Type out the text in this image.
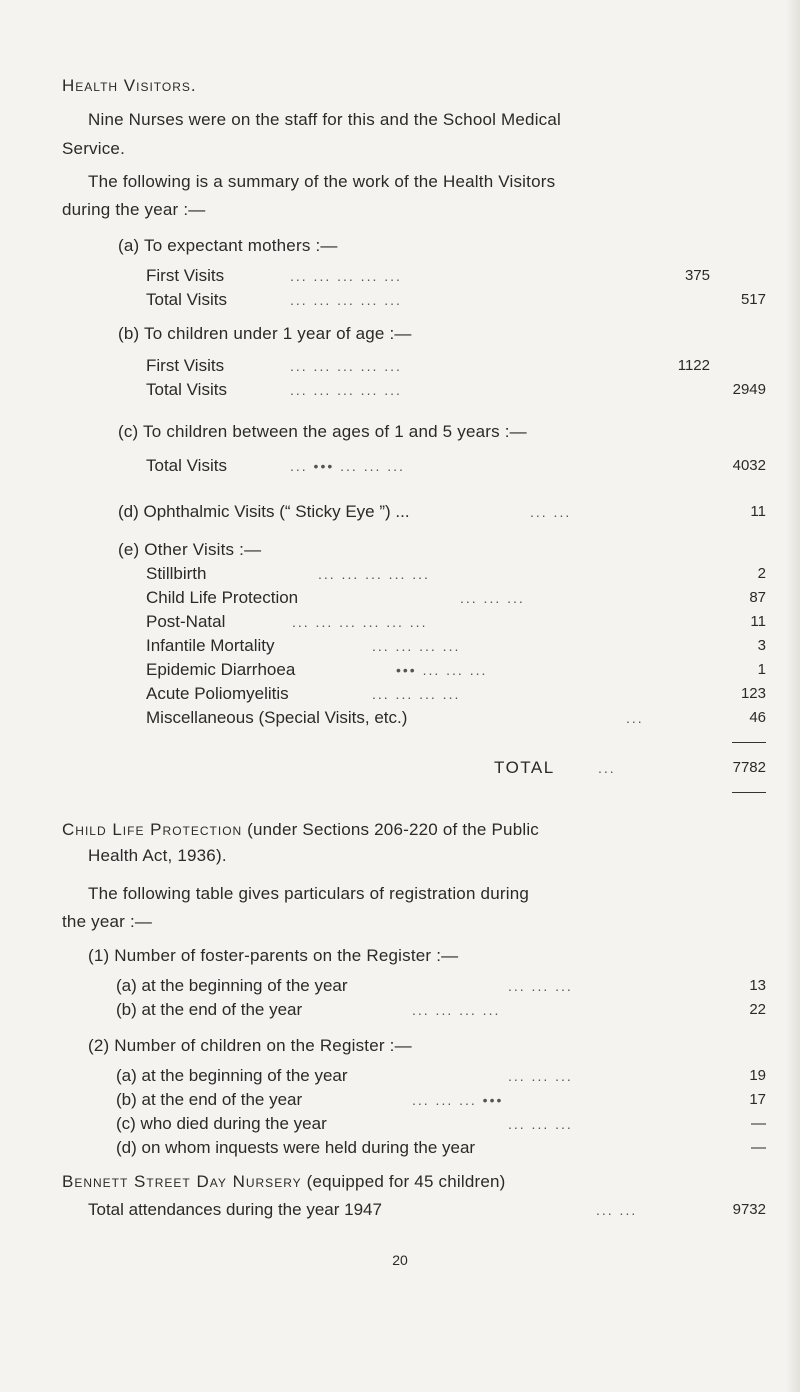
Health Visitors.
Nine Nurses were on the staff for this and the School Medical
Service.
The following is a summary of the work of the Health Visitors
during the year :—
(a) To expectant mothers :—
First Visits	... ... ... ... ...	375
Total Visits	... ... ... ... ...	517
(b) To children under 1 year of age :—
First Visits	... ... ... ... ...	1122
Total Visits	... ... ... ... ...	2949
(c) To children between the ages of 1 and 5 years :—
Total Visits	... ••• ... ... ...	4032
(d) Ophthalmic Visits (“ Sticky Eye ”) ...	... ...	11
(e) Other Visits :—
Stillbirth	... ... ... ... ...	2
Child Life Protection	... ... ...	87
Post-Natal	... ... ... ... ... ...	11
Infantile Mortality	... ... ... ...	3
Epidemic Diarrhoea	••• ... ... ...	1
Acute Poliomyelitis	... ... ... ...	123
Miscellaneous (Special Visits, etc.)	...	46
TOTAL	...	7782
Child Life Protection (under Sections 206-220 of the Public
Health Act, 1936).
The following table gives particulars of registration during
the year :—
(1) Number of foster-parents on the Register :—
(a) at the beginning of the year	... ... ...	13
(b) at the end of the year	... ... ... ...	22
(2) Number of children on the Register :—
(a) at the beginning of the year	... ... ...	19
(b) at the end of the year	... ... ... •••	17
(c) who died during the year	... ... ...	—
(d) on whom inquests were held during the year	—
Bennett Street Day Nursery (equipped for 45 children)
Total attendances during the year 1947	... ...	9732
20
